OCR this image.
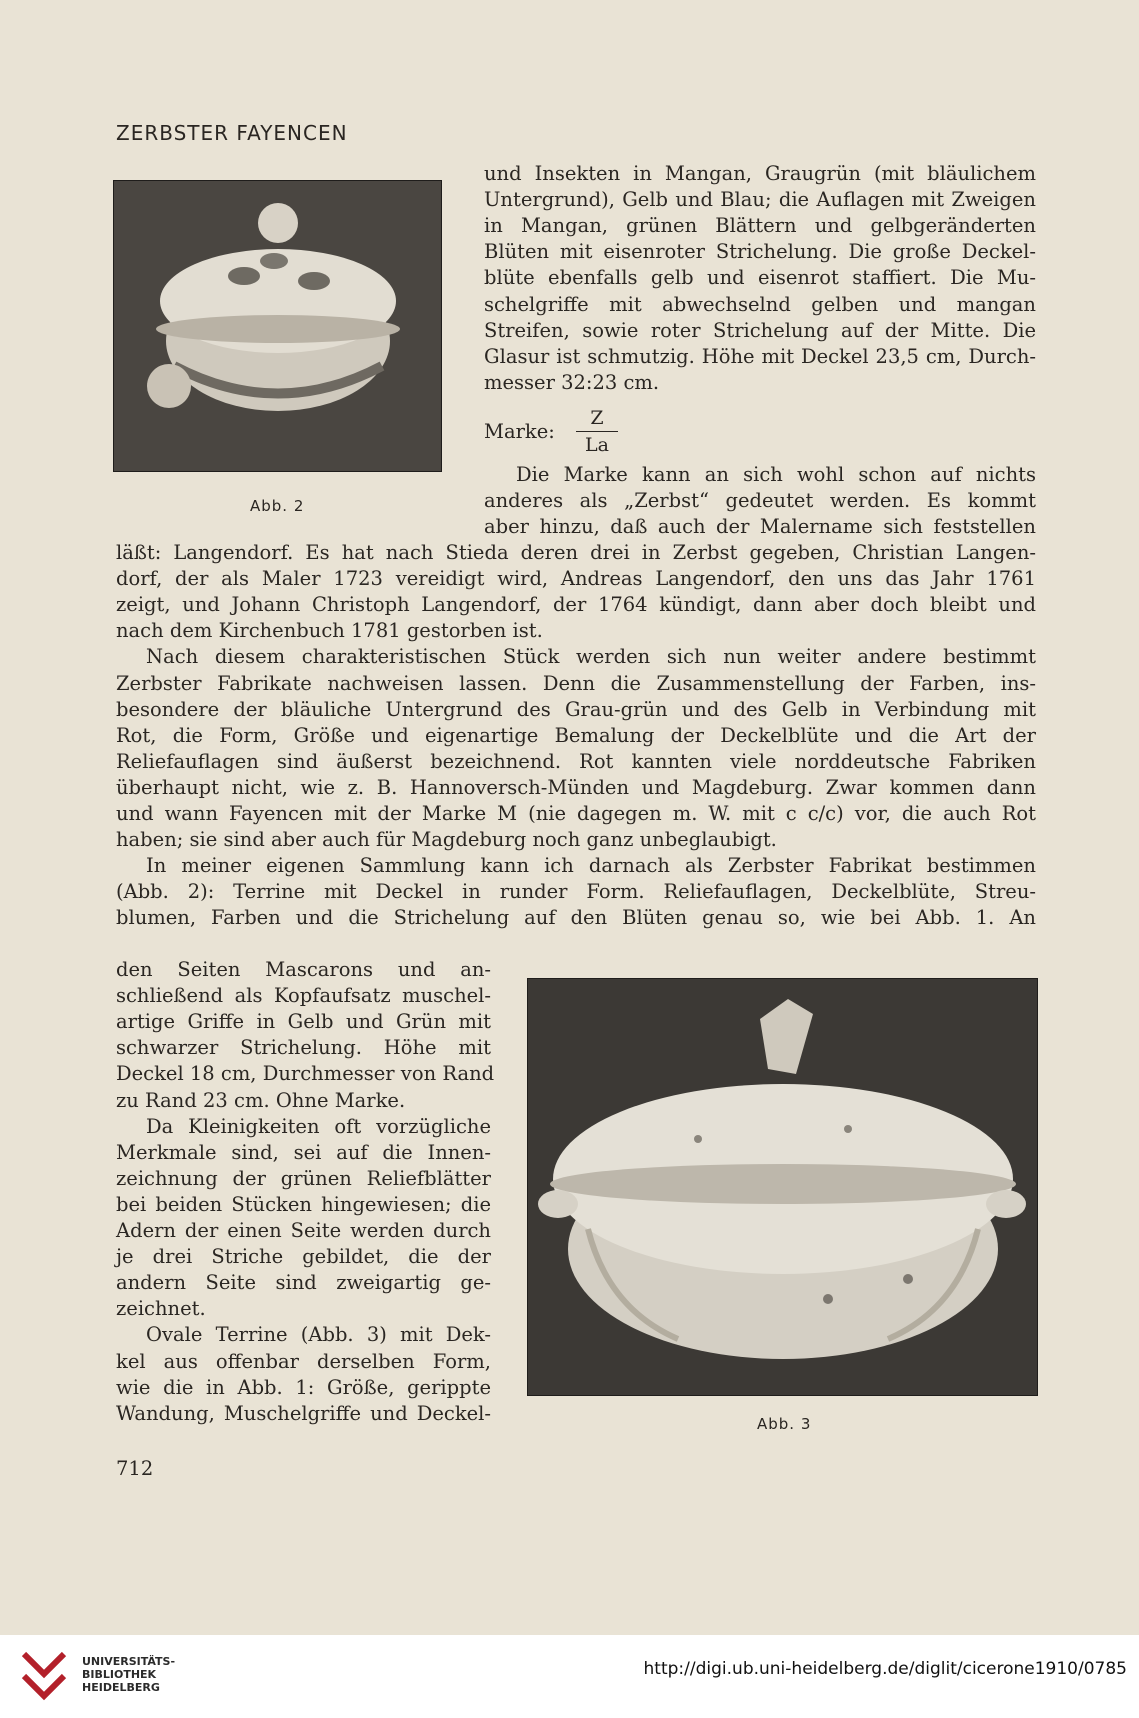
ZERBSTER FAYENCEN
Abb. 2
und Insekten in Mangan, Graugrün (mit bläulichem
Untergrund), Gelb und Blau; die Auflagen mit Zweigen
in Mangan, grünen Blättern und gelbgeränderten
Blüten mit eisenroter Strichelung. Die große Deckel-
blüte ebenfalls gelb und eisenrot staffiert. Die Mu-
schelgriffe mit abwechselnd gelben und mangan
Streifen, sowie roter Strichelung auf der Mitte. Die
Glasur ist schmutzig. Höhe mit Deckel 23,5 cm, Durch-
messer 32:23 cm.
Marke:
Z
La
Die Marke kann an sich wohl schon auf nichts
anderes als „Zerbst“ gedeutet werden. Es kommt
aber hinzu, daß auch der Malername sich feststellen
läßt: Langendorf. Es hat nach Stieda deren drei in Zerbst gegeben, Christian Langen-
dorf, der als Maler 1723 vereidigt wird, Andreas Langendorf, den uns das Jahr 1761
zeigt, und Johann Christoph Langendorf, der 1764 kündigt, dann aber doch bleibt und
nach dem Kirchenbuch 1781 gestorben ist.
Nach diesem charakteristischen Stück werden sich nun weiter andere bestimmt
Zerbster Fabrikate nachweisen lassen. Denn die Zusammenstellung der Farben, ins-
besondere der bläuliche Untergrund des Grau-grün und des Gelb in Verbindung mit
Rot, die Form, Größe und eigenartige Bemalung der Deckelblüte und die Art der
Reliefauflagen sind äußerst bezeichnend. Rot kannten viele norddeutsche Fabriken
überhaupt nicht, wie z. B. Hannoversch-Münden und Magdeburg. Zwar kommen dann
und wann Fayencen mit der Marke M (nie dagegen m. W. mit c c/c) vor, die auch Rot
haben; sie sind aber auch für Magdeburg noch ganz unbeglaubigt.
In meiner eigenen Sammlung kann ich darnach als Zerbster Fabrikat bestimmen
(Abb. 2): Terrine mit Deckel in runder Form. Reliefauflagen, Deckelblüte, Streu-
blumen, Farben und die Strichelung auf den Blüten genau so, wie bei Abb. 1. An
den Seiten Mascarons und an-
schließend als Kopfaufsatz muschel-
artige Griffe in Gelb und Grün mit
schwarzer Strichelung. Höhe mit
Deckel 18 cm, Durchmesser von Rand
zu Rand 23 cm. Ohne Marke.
Da Kleinigkeiten oft vorzügliche
Merkmale sind, sei auf die Innen-
zeichnung der grünen Reliefblätter
bei beiden Stücken hingewiesen; die
Adern der einen Seite werden durch
je drei Striche gebildet, die der
andern Seite sind zweigartig ge-
zeichnet.
Ovale Terrine (Abb. 3) mit Dek-
kel aus offenbar derselben Form,
wie die in Abb. 1: Größe, gerippte
Wandung, Muschelgriffe und Deckel-	Abb. 3
712
UNIVERSITÄTS-
BIBLIOTHEK
HEIDELBERG
http://digi.ub.uni-heidelberg.de/diglit/cicerone1910/0785
